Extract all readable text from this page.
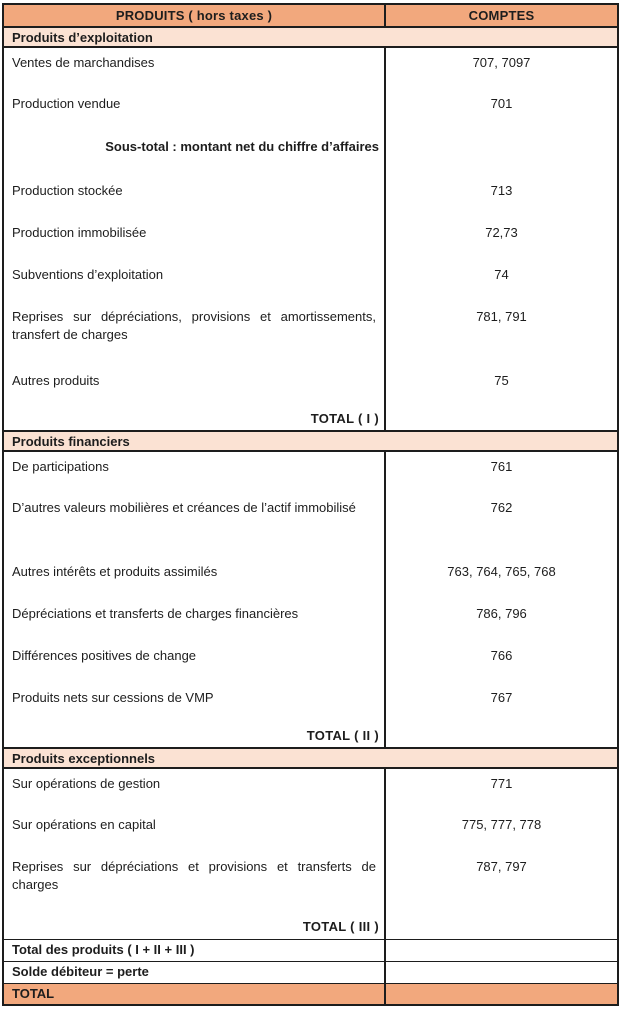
PRODUITS ( hors taxes )	COMPTES
Produits d’exploitation	
Ventes de marchandises	707, 7097
Production vendue	701
Sous-total : montant net du chiffre d’affaires	
Production stockée	713
Production immobilisée	72,73
Subventions d’exploitation	74
Reprises sur dépréciations, provisions et amortissements, transfert de charges	781, 791
Autres produits	75
TOTAL ( I )	
Produits financiers	
De participations	761
D’autres valeurs mobilières et créances de l’actif immobilisé	762
Autres intérêts et produits assimilés	763, 764, 765, 768
Dépréciations et transferts de charges financières	786, 796
Différences positives de change	766
Produits nets sur cessions de VMP	767
TOTAL ( II )	
Produits exceptionnels	
Sur opérations de gestion	771
Sur opérations en capital	775, 777, 778
Reprises sur dépréciations et provisions et transferts de charges	787, 797
TOTAL ( III )	
Total des produits ( I + II + III )	
Solde débiteur = perte	
TOTAL	
